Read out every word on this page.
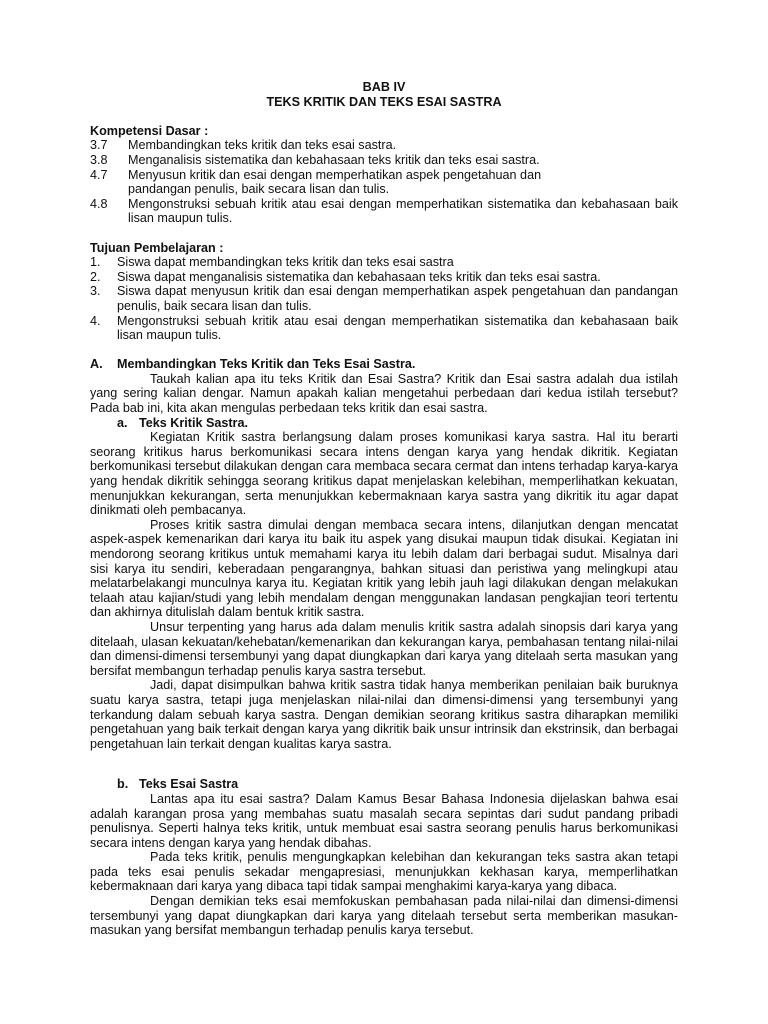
BAB IV
TEKS KRITIK DAN TEKS ESAI SASTRA
Kompetensi Dasar :
3.7	Membandingkan teks kritik dan teks esai sastra.
3.8	Menganalisis sistematika dan kebahasaan teks kritik dan teks esai sastra.
4.7	Menyusun kritik dan esai dengan memperhatikan aspek pengetahuan dan pandangan penulis, baik secara lisan dan tulis.
4.8	Mengonstruksi sebuah kritik atau esai dengan memperhatikan sistematika dan kebahasaan baik lisan maupun tulis.
Tujuan Pembelajaran :
1.	Siswa dapat membandingkan teks kritik dan teks esai sastra
2.	Siswa dapat menganalisis sistematika dan kebahasaan teks kritik dan teks esai sastra.
3.	Siswa dapat menyusun kritik dan esai dengan memperhatikan aspek pengetahuan dan pandangan penulis, baik secara lisan dan tulis.
4.	Mengonstruksi sebuah kritik atau esai dengan memperhatikan sistematika dan kebahasaan baik lisan maupun tulis.
A.	Membandingkan Teks Kritik dan Teks Esai Sastra.
Taukah kalian apa itu teks Kritik dan Esai Sastra? Kritik dan Esai sastra adalah dua istilah yang sering kalian dengar. Namun apakah kalian mengetahui perbedaan dari kedua istilah tersebut? Pada bab ini, kita akan mengulas perbedaan teks kritik dan esai sastra.
a. Teks Kritik Sastra.
Kegiatan Kritik sastra berlangsung dalam proses komunikasi karya sastra. Hal itu berarti seorang kritikus harus berkomunikasi secara intens dengan karya yang hendak dikritik. Kegiatan berkomunikasi tersebut dilakukan dengan cara membaca secara cermat dan intens terhadap karya-karya yang hendak dikritik sehingga seorang kritikus dapat menjelaskan kelebihan, memperlihatkan kekuatan, menunjukkan kekurangan, serta menunjukkan kebermaknaan karya sastra yang dikritik itu agar dapat dinikmati oleh pembacanya.
Proses kritik sastra dimulai dengan membaca secara intens, dilanjutkan dengan mencatat aspek-aspek kemenarikan dari karya itu baik itu aspek yang disukai maupun tidak disukai. Kegiatan ini mendorong seorang kritikus untuk memahami karya itu lebih dalam dari berbagai sudut. Misalnya dari sisi karya itu sendiri, keberadaan pengarangnya, bahkan situasi dan peristiwa yang melingkupi atau melatarbelakangi munculnya karya itu. Kegiatan kritik yang lebih jauh lagi dilakukan dengan melakukan telaah atau kajian/studi yang lebih mendalam dengan menggunakan landasan pengkajian teori tertentu dan akhirnya ditulislah dalam bentuk kritik sastra.
Unsur terpenting yang harus ada dalam menulis kritik sastra adalah sinopsis dari karya yang ditelaah, ulasan kekuatan/kehebatan/kemenarikan dan kekurangan karya, pembahasan tentang nilai-nilai dan dimensi-dimensi tersembunyi yang dapat diungkapkan dari karya yang ditelaah serta masukan yang bersifat membangun terhadap penulis karya sastra tersebut.
Jadi, dapat disimpulkan bahwa kritik sastra tidak hanya memberikan penilaian baik buruknya suatu karya sastra, tetapi juga menjelaskan nilai-nilai dan dimensi-dimensi yang tersembunyi yang terkandung dalam sebuah karya sastra. Dengan demikian seorang kritikus sastra diharapkan memiliki pengetahuan yang baik terkait dengan karya yang dikritik baik unsur intrinsik dan ekstrinsik, dan berbagai pengetahuan lain terkait dengan kualitas karya sastra.
b. Teks Esai Sastra
Lantas apa itu esai sastra? Dalam Kamus Besar Bahasa Indonesia dijelaskan bahwa esai adalah karangan prosa yang membahas suatu masalah secara sepintas dari sudut pandang pribadi penulisnya. Seperti halnya teks kritik, untuk membuat esai sastra seorang penulis harus berkomunikasi secara intens dengan karya yang hendak dibahas.
Pada teks kritik, penulis mengungkapkan kelebihan dan kekurangan teks sastra akan tetapi pada teks esai penulis sekadar mengapresiasi, menunjukkan kekhasan karya, memperlihatkan kebermaknaan dari karya yang dibaca tapi tidak sampai menghakimi karya-karya yang dibaca.
Dengan demikian teks esai memfokuskan pembahasan pada nilai-nilai dan dimensi-dimensi tersembunyi yang dapat diungkapkan dari karya yang ditelaah tersebut serta memberikan masukan-masukan yang bersifat membangun terhadap penulis karya tersebut.
